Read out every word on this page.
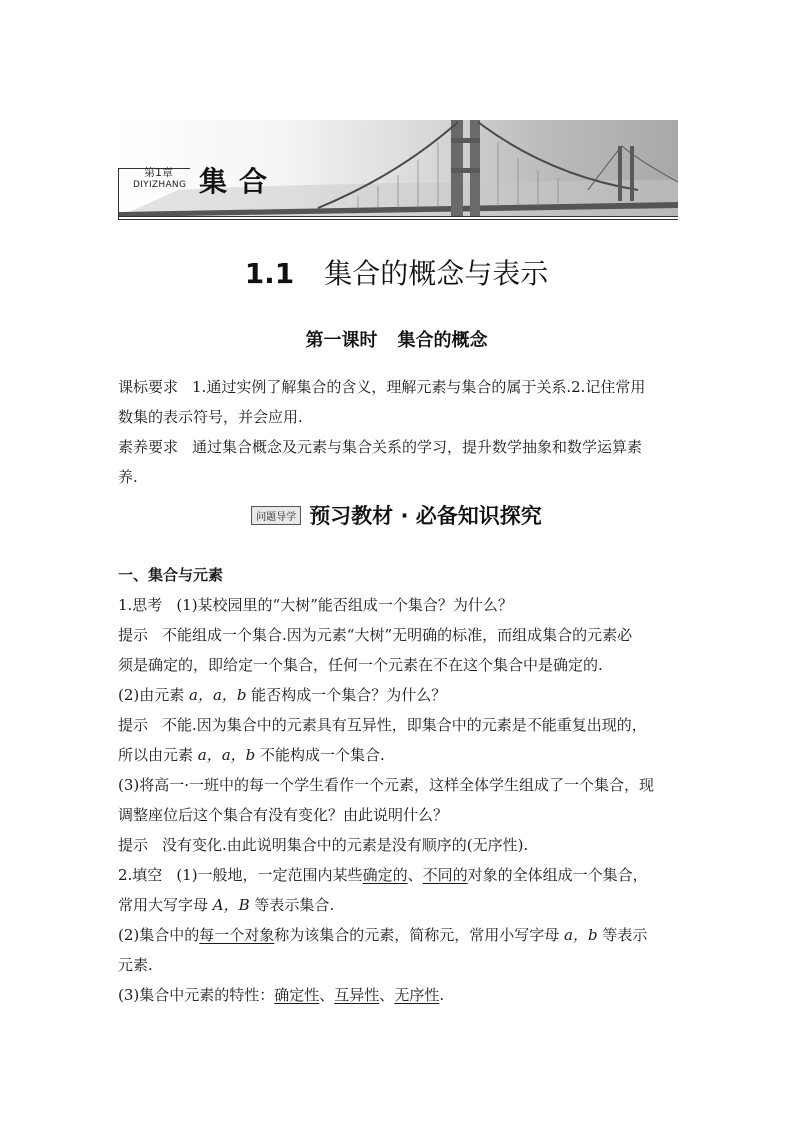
第1章
DIYIZHANG 集合
1.1 集合的概念与表示
第一课时 集合的概念
课标要求 1.通过实例了解集合的含义，理解元素与集合的属于关系.2.记住常用
数集的表示符号，并会应用.
素养要求 通过集合概念及元素与集合关系的学习，提升数学抽象和数学运算素
养.
问题导学 预习教材 · 必备知识探究
一、集合与元素
1.思考 (1)某校园里的“大树”能否组成一个集合？为什么？
提示 不能组成一个集合.因为元素“大树”无明确的标准，而组成集合的元素必
须是确定的，即给定一个集合，任何一个元素在不在这个集合中是确定的.
(2)由元素 a，a，b 能否构成一个集合？为什么？
提示 不能.因为集合中的元素具有互异性，即集合中的元素是不能重复出现的，
所以由元素 a，a，b 不能构成一个集合.
(3)将高一·一班中的每一个学生看作一个元素，这样全体学生组成了一个集合，现
调整座位后这个集合有没有变化？由此说明什么？
提示 没有变化.由此说明集合中的元素是没有顺序的(无序性).
2.填空 (1)一般地，一定范围内某些确定的、不同的对象的全体组成一个集合，
常用大写字母 A，B 等表示集合.
(2)集合中的每一个对象称为该集合的元素，简称元，常用小写字母 a，b 等表示
元素.
(3)集合中元素的特性：确定性、互异性、无序性.
